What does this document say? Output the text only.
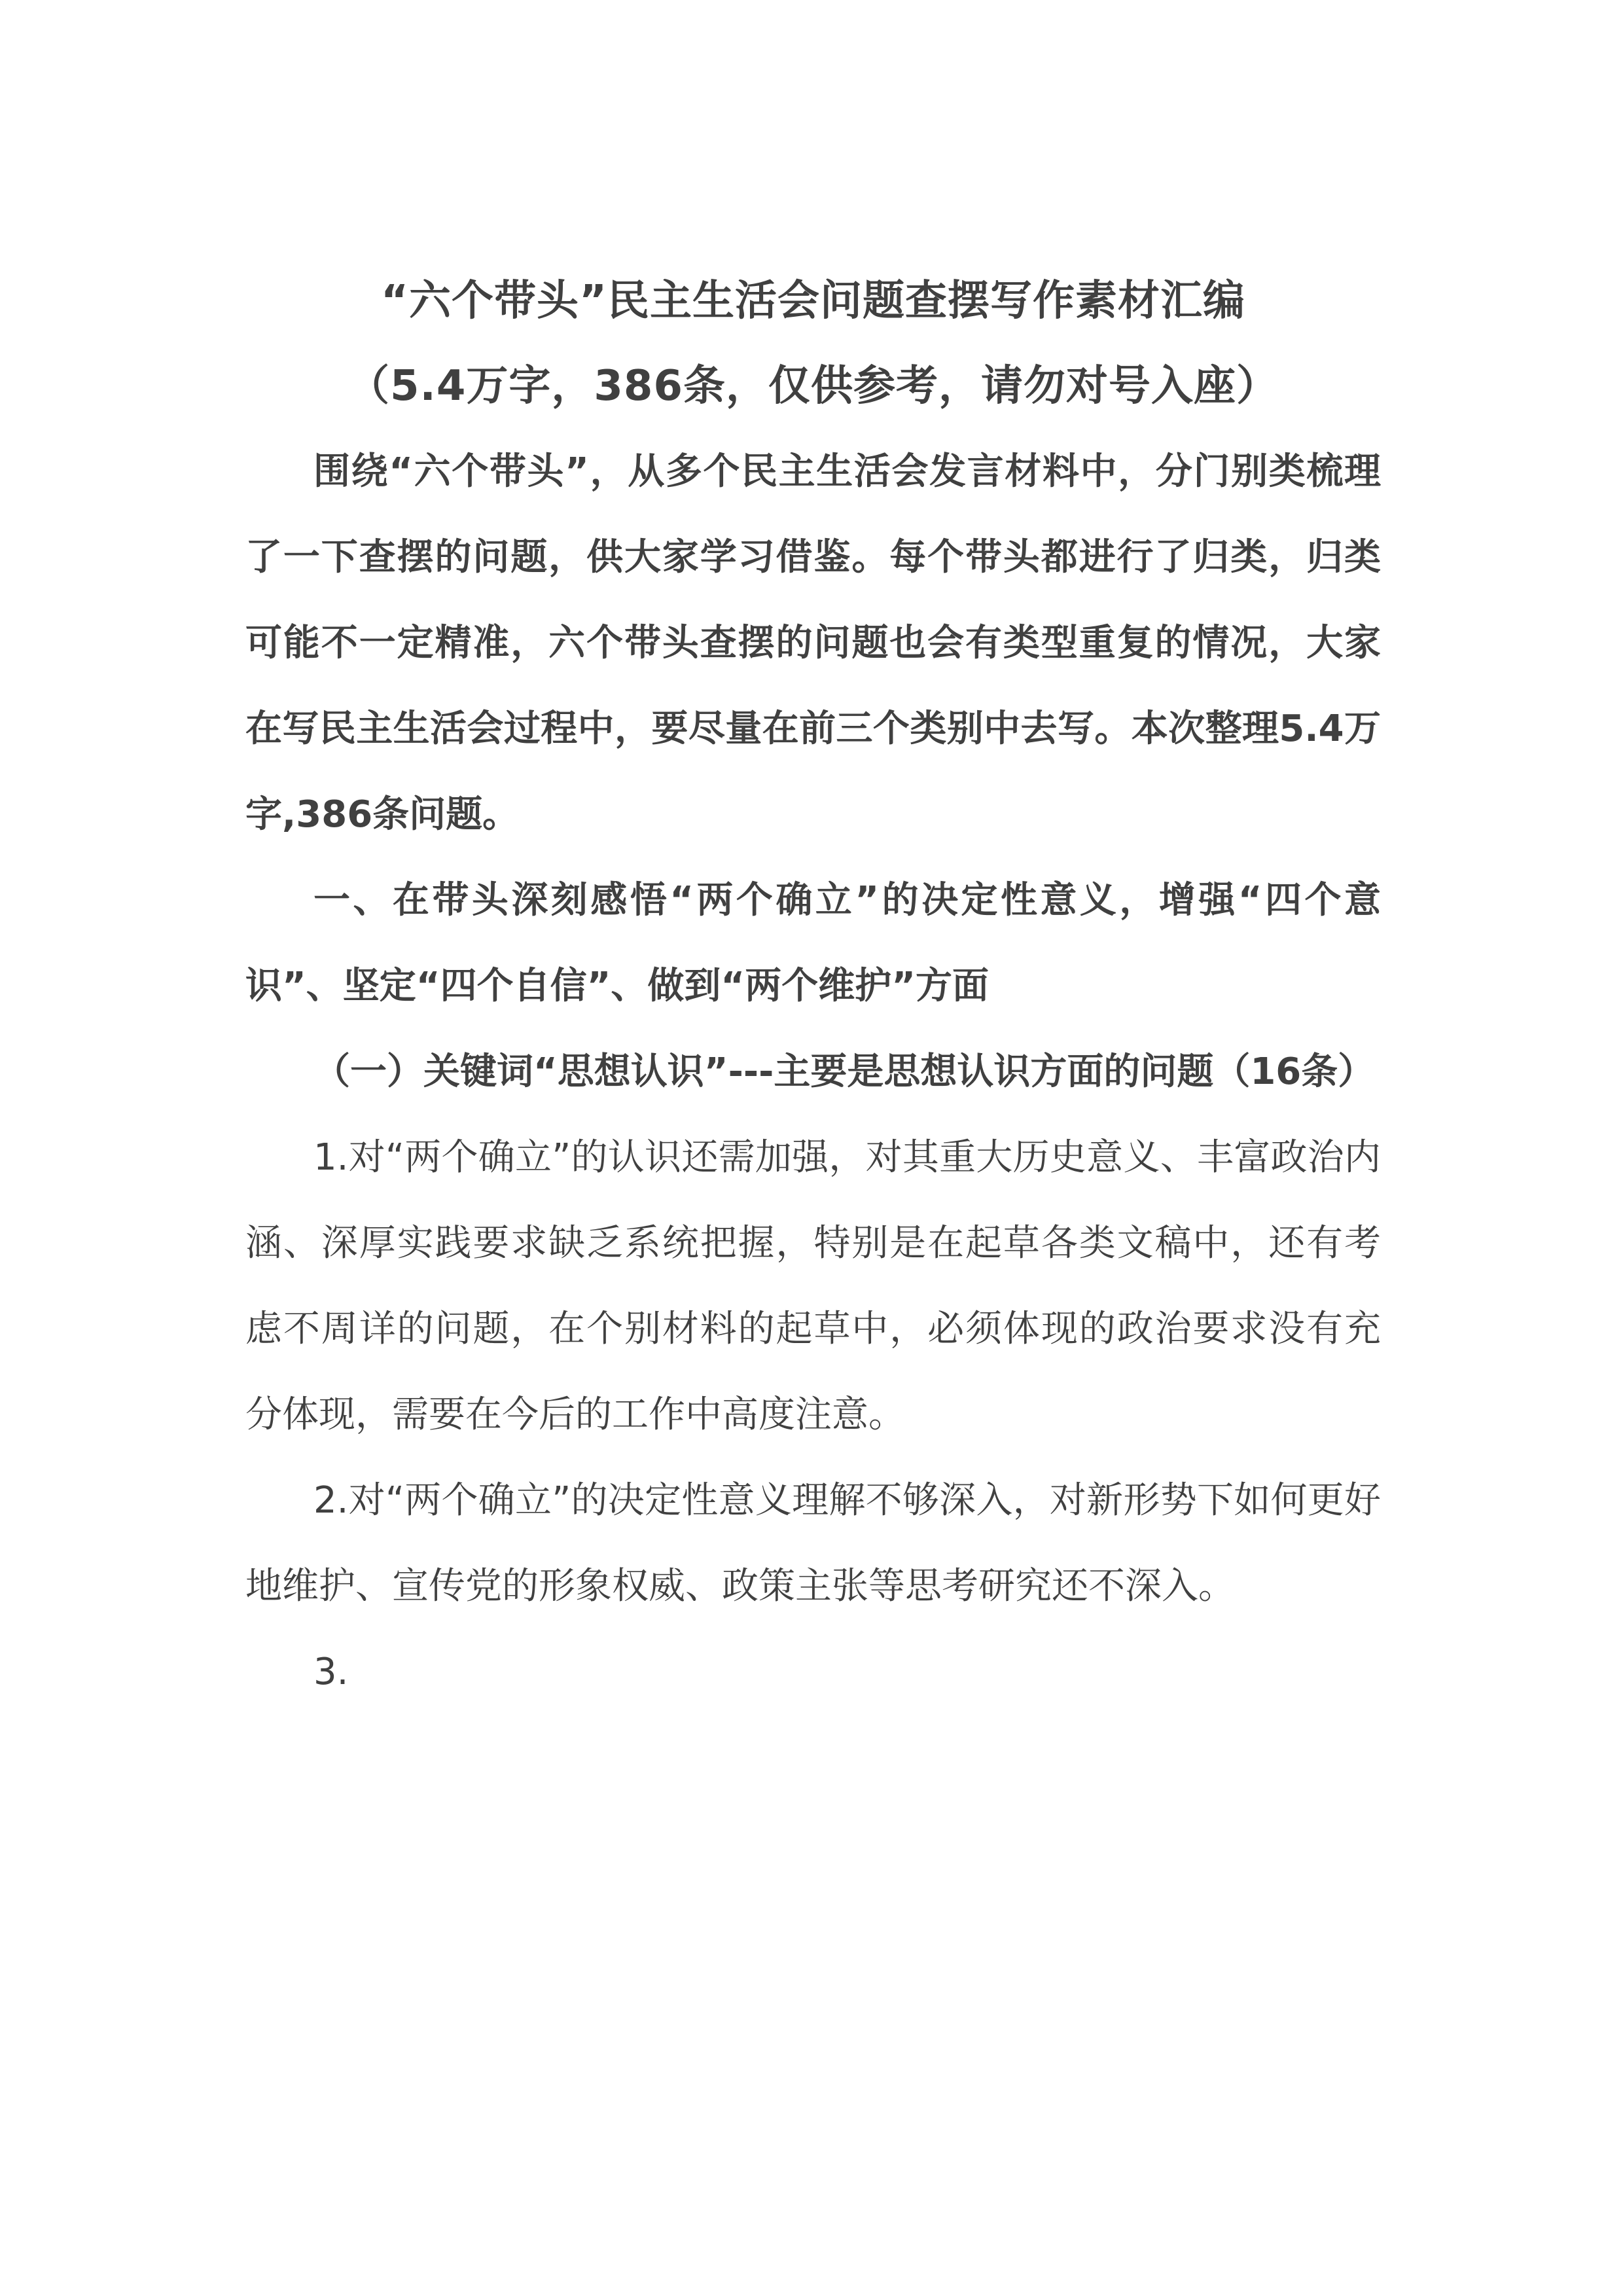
“六个带头”民主生活会问题查摆写作素材汇编

（5.4万字，386条，仅供参考，请勿对号入座）

围绕“六个带头”，从多个民主生活会发言材料中，分门别类梳理了一下查摆的问题，供大家学习借鉴。每个带头都进行了归类，归类可能不一定精准，六个带头查摆的问题也会有类型重复的情况，大家在写民主生活会过程中，要尽量在前三个类别中去写。本次整理5.4万字,386条问题。

一、在带头深刻感悟“两个确立”的决定性意义，增强“四个意识”、坚定“四个自信”、做到“两个维护”方面

（一）关键词“思想认识”---主要是思想认识方面的问题（16条）

1.对“两个确立”的认识还需加强，对其重大历史意义、丰富政治内涵、深厚实践要求缺乏系统把握，特别是在起草各类文稿中，还有考虑不周详的问题，在个别材料的起草中，必须体现的政治要求没有充分体现，需要在今后的工作中高度注意。

2.对“两个确立”的决定性意义理解不够深入，对新形势下如何更好地维护、宣传党的形象权威、政策主张等思考研究还不深入。

3.
